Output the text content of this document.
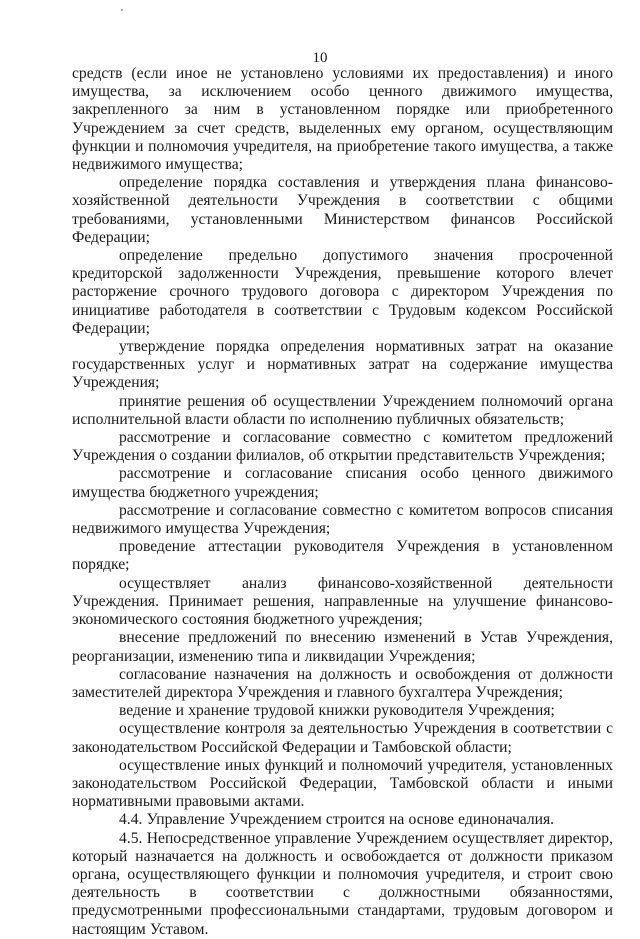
10

средств (если иное не установлено условиями их предоставления) и иного имущества, за исключением особо ценного движимого имущества, закрепленного за ним в установленном порядке или приобретенного Учреждением за счет средств, выделенных ему органом, осуществляющим функции и полномочия учредителя, на приобретение такого имущества, а также недвижимого имущества;

определение порядка составления и утверждения плана финансово-хозяйственной деятельности Учреждения в соответствии с общими требованиями, установленными Министерством финансов Российской Федерации;

определение предельно допустимого значения просроченной кредиторской задолженности Учреждения, превышение которого влечет расторжение срочного трудового договора с директором Учреждения по инициативе работодателя в соответствии с Трудовым кодексом Российской Федерации;

утверждение порядка определения нормативных затрат на оказание государственных услуг и нормативных затрат на содержание имущества Учреждения;

принятие решения об осуществлении Учреждением полномочий органа исполнительной власти области по исполнению публичных обязательств;

рассмотрение и согласование совместно с комитетом предложений Учреждения о создании филиалов, об открытии представительств Учреждения;

рассмотрение и согласование списания особо ценного движимого имущества бюджетного учреждения;

рассмотрение и согласование совместно с комитетом вопросов списания недвижимого имущества Учреждения;

проведение аттестации руководителя Учреждения в установленном порядке;

осуществляет анализ финансово-хозяйственной деятельности Учреждения. Принимает решения, направленные на улучшение финансово-экономического состояния бюджетного учреждения;

внесение предложений по внесению изменений в Устав Учреждения, реорганизации, изменению типа и ликвидации Учреждения;

согласование назначения на должность и освобождения от должности заместителей директора Учреждения и главного бухгалтера Учреждения;

ведение и хранение трудовой книжки руководителя Учреждения;

осуществление контроля за деятельностью Учреждения в соответствии с законодательством Российской Федерации и Тамбовской области;

осуществление иных функций и полномочий учредителя, установленных законодательством Российской Федерации, Тамбовской области и иными нормативными правовыми актами.

4.4. Управление Учреждением строится на основе единоначалия.

4.5. Непосредственное управление Учреждением осуществляет директор, который назначается на должность и освобождается от должности приказом органа, осуществляющего функции и полномочия учредителя, и строит свою деятельность в соответствии с должностными обязанностями, предусмотренными профессиональными стандартами, трудовым договором и настоящим Уставом.
